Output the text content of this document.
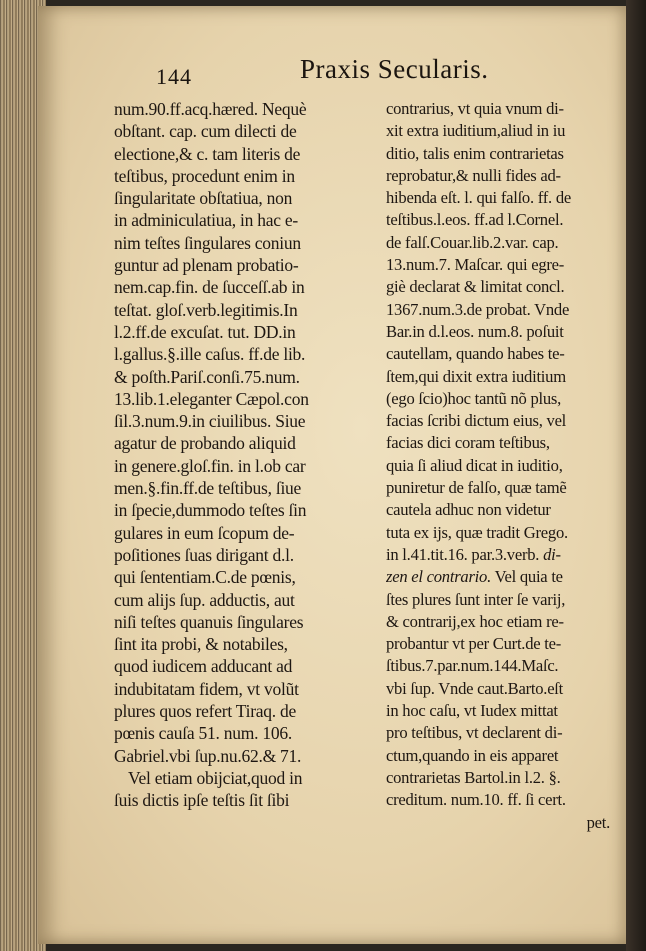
144	Praxis Secularis.
num.90.ff.acq.hæred. Nequè
obſtant. cap. cum dilecti de
electione,& c. tam literis de
teſtibus, procedunt enim in
ſingularitate obſtatiua, non
in adminiculatiua, in hac e-
nim teſtes ſingulares coniun
guntur ad plenam probatio-
nem.cap.fin. de ſucceſſ.ab in
teſtat. gloſ.verb.legitimis.In
l.2.ff.de excuſat. tut. DD.in
l.gallus.§.ille caſus. ff.de lib.
& poſth.Pariſ.conſi.75.num.
13.lib.1.eleganter Cæpol.con
ſil.3.num.9.in ciuilibus. Siue
agatur de probando aliquid
in genere.gloſ.fin. in l.ob car
men.§.fin.ff.de teſtibus, ſiue
in ſpecie,dummodo teſtes ſin
gulares in eum ſcopum de-
poſitiones ſuas dirigant d.l.
qui ſententiam.C.de pœnis,
cum alijs ſup. adductis, aut
niſi teſtes quanuis ſingulares
ſint ita probi, & notabiles,
quod iudicem adducant ad
indubitatam fidem, vt volũt
plures quos refert Tiraq. de
pœnis cauſa 51. num. 106.
Gabriel.vbi ſup.nu.62.& 71.
Vel etiam obijciat,quod in
ſuis dictis ipſe teſtis ſit ſibi
contrarius, vt quia vnum di-
xit extra iuditium,aliud in iu
ditio, talis enim contrarietas
reprobatur,& nulli fides ad-
hibenda eſt. l. qui falſo. ff. de
teſtibus.l.eos. ff.ad l.Cornel.
de falſ.Couar.lib.2.var. cap.
13.num.7. Maſcar. qui egre-
giè declarat & limitat concl.
1367.num.3.de probat. Vnde
Bar.in d.l.eos. num.8. poſuit
cautellam, quando habes te-
ſtem,qui dixit extra iuditium
(ego ſcio)hoc tantũ nõ plus,
facias ſcribi dictum eius, vel
facias dici coram teſtibus,
quia ſi aliud dicat in iuditio,
puniretur de falſo, quæ tamẽ
cautela adhuc non videtur
tuta ex ijs, quæ tradit Grego.
in l.41.tit.16. par.3.verb. di-
zen el contrario. Vel quia te
ſtes plures ſunt inter ſe varij,
& contrarij,ex hoc etiam re-
probantur vt per Curt.de te-
ſtibus.7.par.num.144.Maſc.
vbi ſup. Vnde caut.Barto.eſt
in hoc caſu, vt Iudex mittat
pro teſtibus, vt declarent di-
ctum,quando in eis apparet
contrarietas Bartol.in l.2. §.
creditum. num.10. ff. ſi cert.
pet.
